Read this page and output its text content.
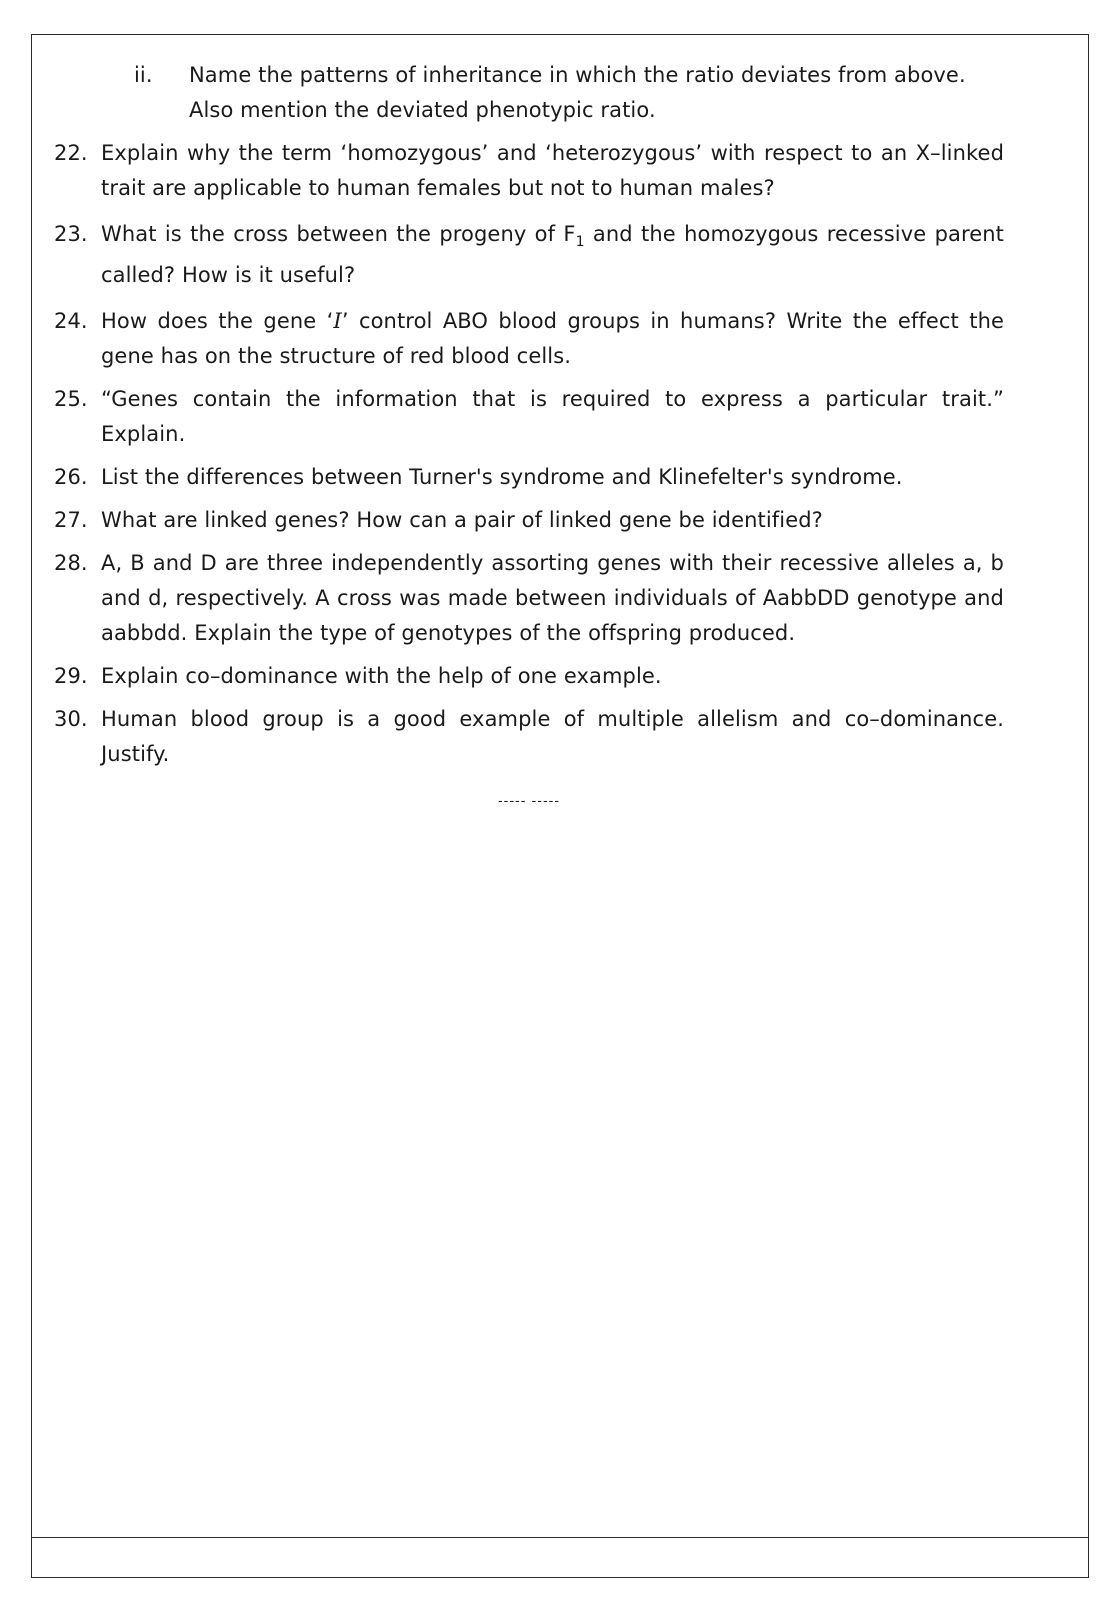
ii. Name the patterns of inheritance in which the ratio deviates from above. Also mention the deviated phenotypic ratio.
22. Explain why the term ‘homozygous’ and ‘heterozygous’ with respect to an X–linked trait are applicable to human females but not to human males?
23. What is the cross between the progeny of $F_1$ and the homozygous recessive parent called? How is it useful?
24. How does the gene ‘I’ control ABO blood groups in humans? Write the effect the gene has on the structure of red blood cells.
25. “Genes contain the information that is required to express a particular trait.” Explain.
26. List the differences between Turner's syndrome and Klinefelter's syndrome.
27. What are linked genes? How can a pair of linked gene be identified?
28. A, B and D are three independently assorting genes with their recessive alleles a, b and d, respectively. A cross was made between individuals of AabbDD genotype and aabbdd. Explain the type of genotypes of the offspring produced.
29. Explain co–dominance with the help of one example.
30. Human blood group is a good example of multiple allelism and co–dominance. Justify.
----- -----
